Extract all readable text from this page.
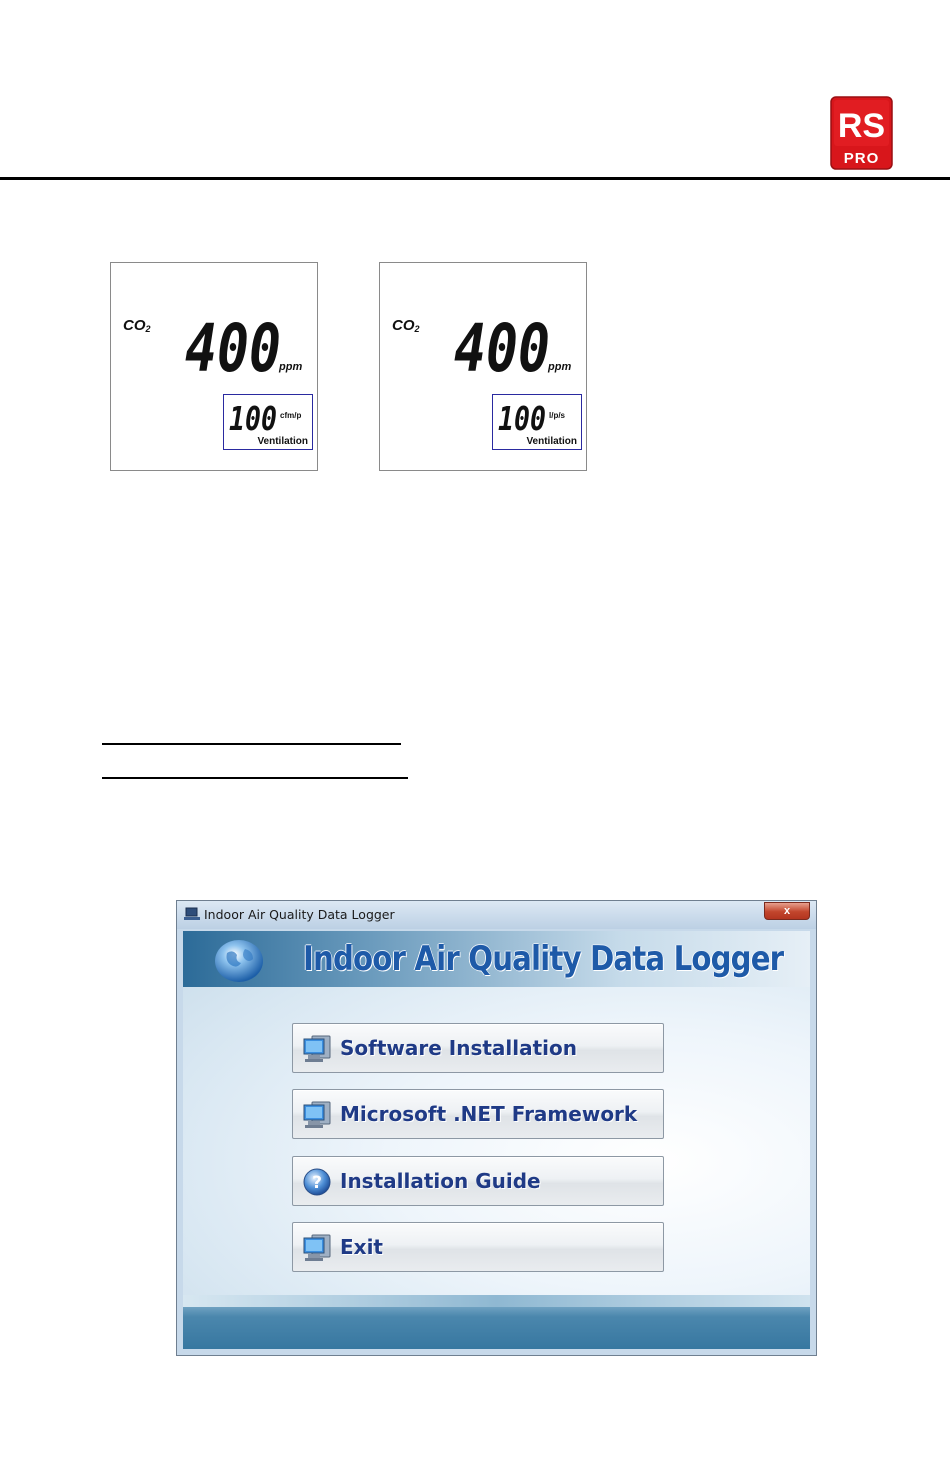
RS
PRO
$CO_2$ 400
ppm
100 cfm/p
Ventilation
$CO_2$ 400
ppm
100 l/p/s
Ventilation
Indoor Air Quality Data Logger	x
Indoor Air Quality Data Logger
Software Installation
Microsoft .NET Framework
? Installation Guide
Exit
